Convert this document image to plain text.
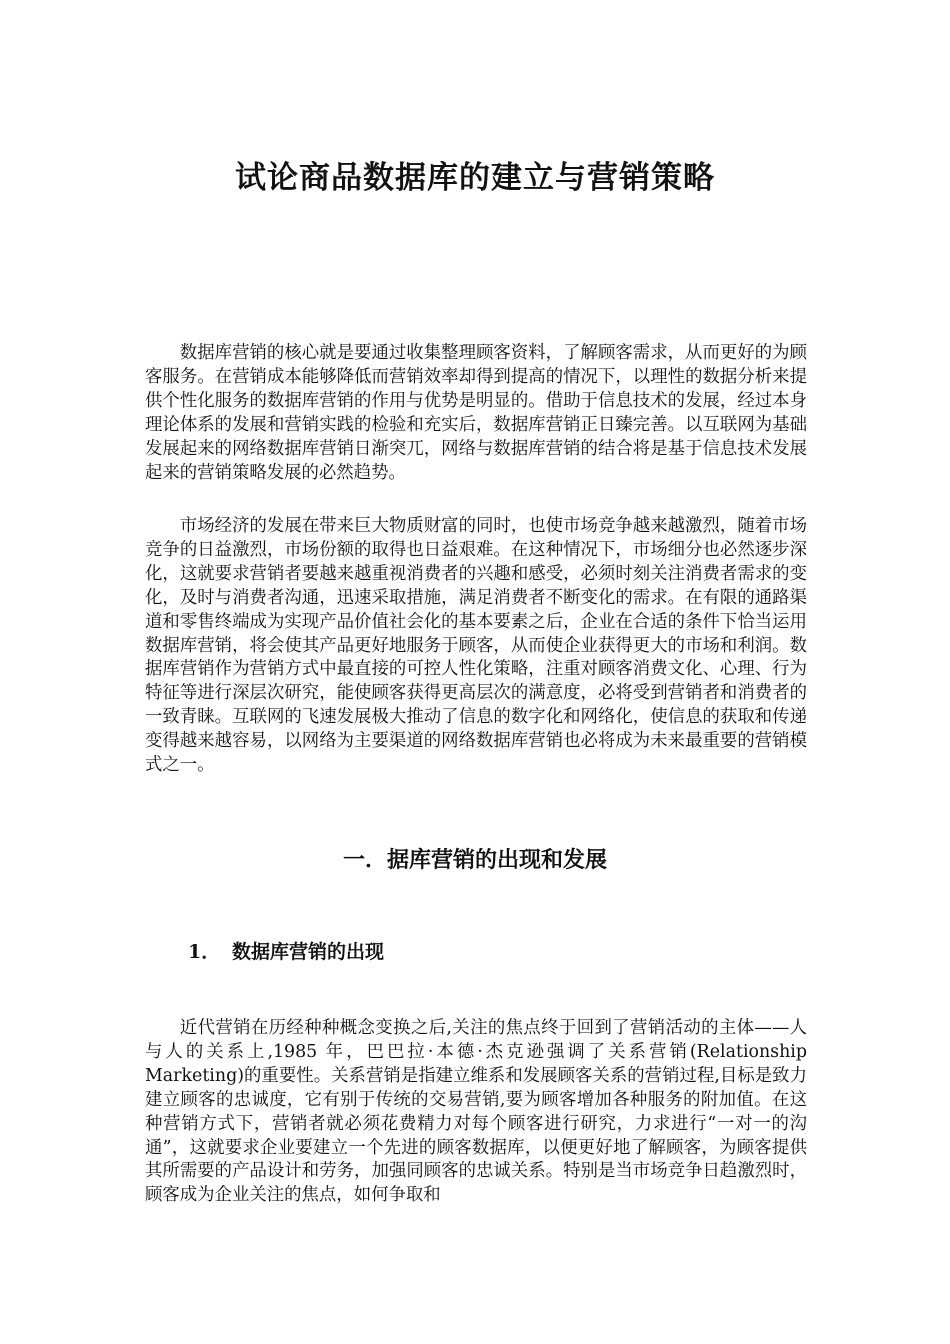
试论商品数据库的建立与营销策略

数据库营销的核心就是要通过收集整理顾客资料，了解顾客需求，从而更好的为顾客服务。在营销成本能够降低而营销效率却得到提高的情况下，以理性的数据分析来提供个性化服务的数据库营销的作用与优势是明显的。借助于信息技术的发展，经过本身理论体系的发展和营销实践的检验和充实后，数据库营销正日臻完善。以互联网为基础发展起来的网络数据库营销日渐突兀，网络与数据库营销的结合将是基于信息技术发展起来的营销策略发展的必然趋势。

市场经济的发展在带来巨大物质财富的同时，也使市场竞争越来越激烈，随着市场竞争的日益激烈，市场份额的取得也日益艰难。在这种情况下，市场细分也必然逐步深化，这就要求营销者要越来越重视消费者的兴趣和感受，必须时刻关注消费者需求的变化，及时与消费者沟通，迅速采取措施，满足消费者不断变化的需求。在有限的通路渠道和零售终端成为实现产品价值社会化的基本要素之后，企业在合适的条件下恰当运用数据库营销，将会使其产品更好地服务于顾客，从而使企业获得更大的市场和利润。数据库营销作为营销方式中最直接的可控人性化策略，注重对顾客消费文化、心理、行为特征等进行深层次研究，能使顾客获得更高层次的满意度，必将受到营销者和消费者的一致青睐。互联网的飞速发展极大推动了信息的数字化和网络化，使信息的获取和传递变得越来越容易，以网络为主要渠道的网络数据库营销也必将成为未来最重要的营销模式之一。

一．据库营销的出现和发展
1． 数据库营销的出现

近代营销在历经种种概念变换之后,关注的焦点终于回到了营销活动的主体——人与人的关系上,1985 年，巴巴拉·本德·杰克逊强调了关系营销(Relationship Marketing)的重要性。关系营销是指建立维系和发展顾客关系的营销过程,目标是致力建立顾客的忠诚度，它有别于传统的交易营销,要为顾客增加各种服务的附加值。在这种营销方式下，营销者就必须花费精力对每个顾客进行研究，力求进行“一对一的沟通”，这就要求企业要建立一个先进的顾客数据库，以便更好地了解顾客，为顾客提供其所需要的产品设计和劳务，加强同顾客的忠诚关系。特别是当市场竞争日趋激烈时，顾客成为企业关注的焦点，如何争取和
